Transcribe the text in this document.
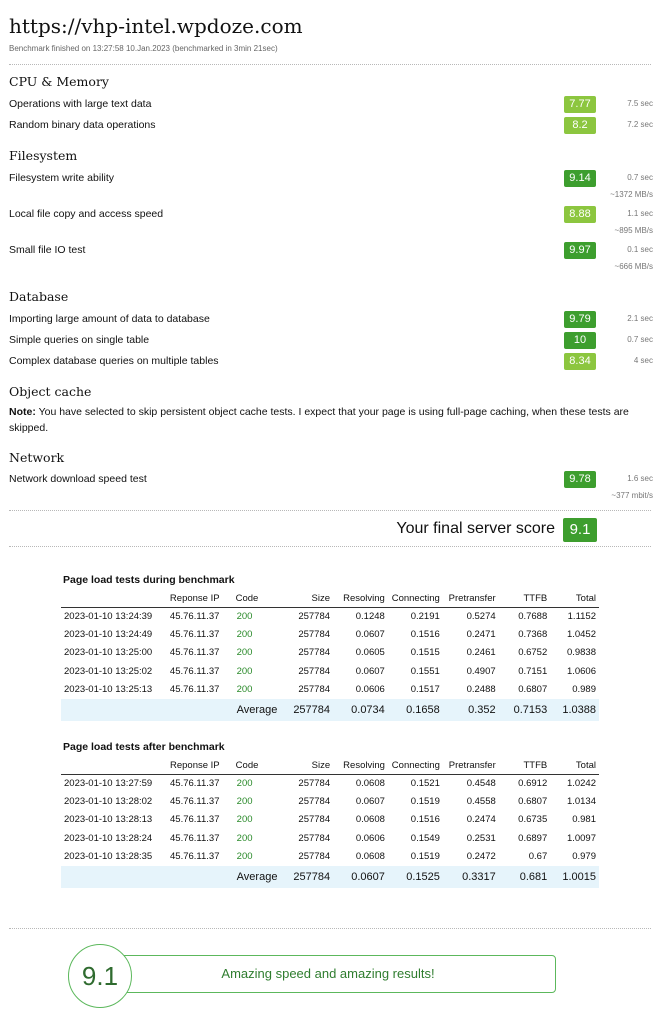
https://vhp-intel.wpdoze.com
Benchmark finished on 13:27:58 10.Jan.2023 (benchmarked in 3min 21sec)
CPU & Memory
Operations with large text data	7.77	7.5 sec
Random binary data operations	8.2	7.2 sec
Filesystem
Filesystem write ability	9.14	0.7 sec
~1372 MB/s
Local file copy and access speed	8.88	1.1 sec
~895 MB/s
Small file IO test	9.97	0.1 sec
~666 MB/s
Database
Importing large amount of data to database	9.79	2.1 sec
Simple queries on single table	10	0.7 sec
Complex database queries on multiple tables	8.34	4 sec
Object cache
Note: You have selected to skip persistent object cache tests. I expect that your page is using full-page caching, when these tests are skipped.
Network
Network download speed test	9.78	1.6 sec
~377 mbit/s
Your final server score 9.1
Page load tests during benchmark
	Reponse IP	Code	Size	Resolving	Connecting	Pretransfer	TTFB	Total
2023-01-10 13:24:39	45.76.11.37	200	257784	0.1248	0.2191	0.5274	0.7688	1.1152
2023-01-10 13:24:49	45.76.11.37	200	257784	0.0607	0.1516	0.2471	0.7368	1.0452
2023-01-10 13:25:00	45.76.11.37	200	257784	0.0605	0.1515	0.2461	0.6752	0.9838
2023-01-10 13:25:02	45.76.11.37	200	257784	0.0607	0.1551	0.4907	0.7151	1.0606
2023-01-10 13:25:13	45.76.11.37	200	257784	0.0606	0.1517	0.2488	0.6807	0.989
		Average	257784	0.0734	0.1658	0.352	0.7153	1.0388
Page load tests after benchmark
	Reponse IP	Code	Size	Resolving	Connecting	Pretransfer	TTFB	Total
2023-01-10 13:27:59	45.76.11.37	200	257784	0.0608	0.1521	0.4548	0.6912	1.0242
2023-01-10 13:28:02	45.76.11.37	200	257784	0.0607	0.1519	0.4558	0.6807	1.0134
2023-01-10 13:28:13	45.76.11.37	200	257784	0.0608	0.1516	0.2474	0.6735	0.981
2023-01-10 13:28:24	45.76.11.37	200	257784	0.0606	0.1549	0.2531	0.6897	1.0097
2023-01-10 13:28:35	45.76.11.37	200	257784	0.0608	0.1519	0.2472	0.67	0.979
		Average	257784	0.0607	0.1525	0.3317	0.681	1.0015
Amazing speed and amazing results!
9.1
